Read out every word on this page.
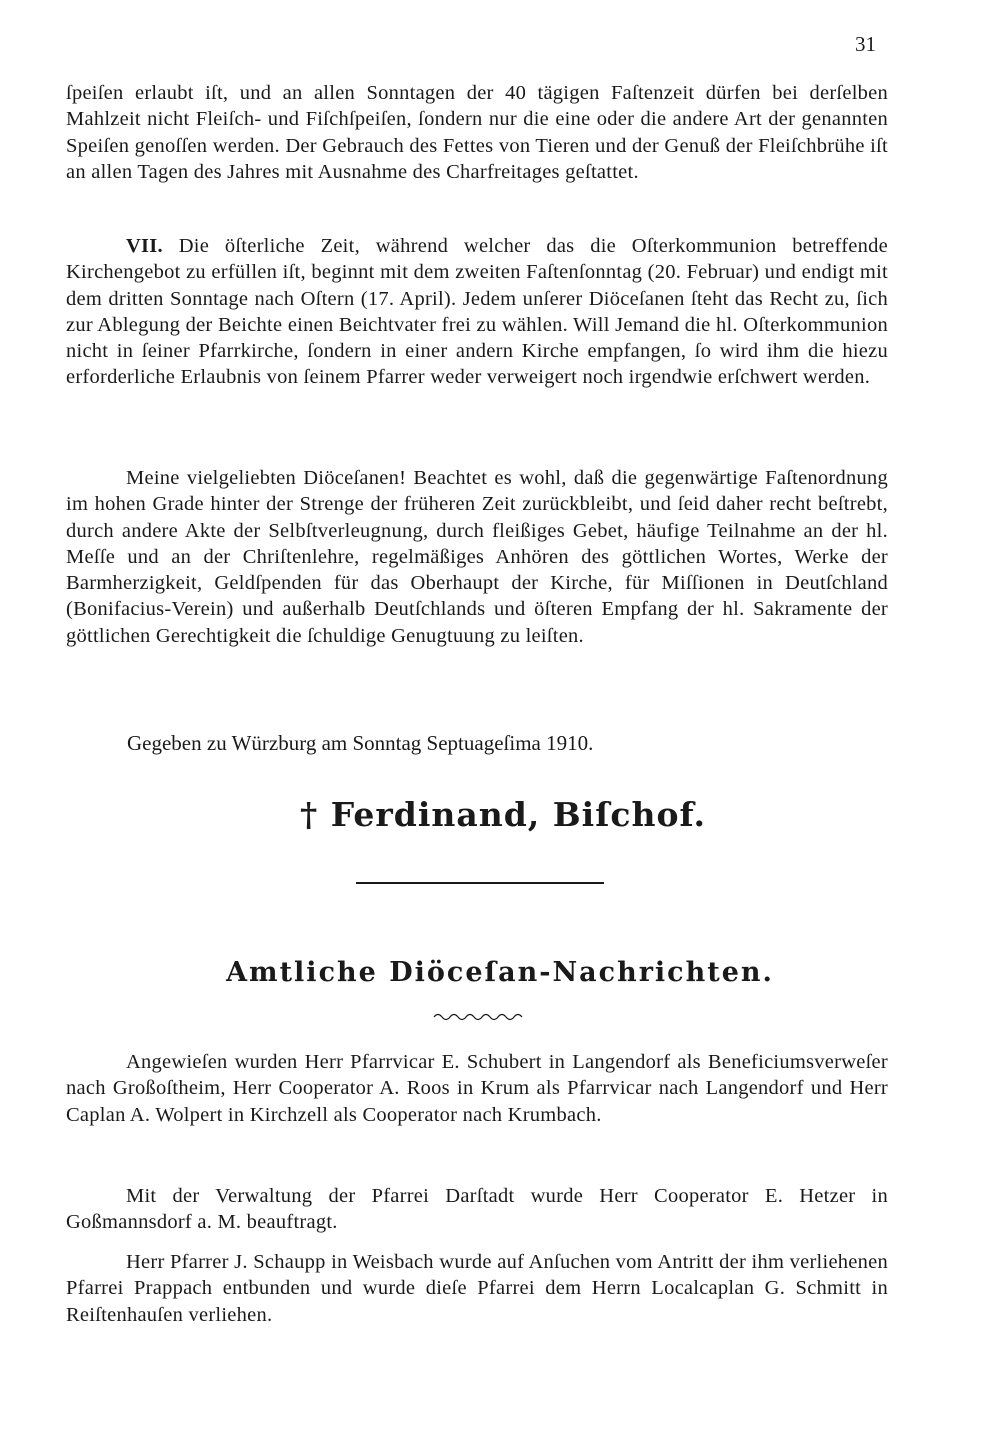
31
ſpeiſen erlaubt iſt, und an allen Sonntagen der 40 tägigen Faſtenzeit dürfen bei derſelben Mahlzeit nicht Fleiſch- und Fiſchſpeiſen, ſondern nur die eine oder die andere Art der genannten Speiſen genoſſen werden. Der Gebrauch des Fettes von Tieren und der Genuß der Fleiſchbrühe iſt an allen Tagen des Jahres mit Ausnahme des Charfreitages geſtattet.
VII. Die öſterliche Zeit, während welcher das die Oſterkommunion betreffende Kirchengebot zu erfüllen iſt, beginnt mit dem zweiten Faſtenſonntag (20. Februar) und endigt mit dem dritten Sonntage nach Oſtern (17. April). Jedem unſerer Diöceſanen ſteht das Recht zu, ſich zur Ablegung der Beichte einen Beichtvater frei zu wählen. Will Jemand die hl. Oſterkommunion nicht in ſeiner Pfarrkirche, ſondern in einer andern Kirche empfangen, ſo wird ihm die hiezu erforderliche Erlaubnis von ſeinem Pfarrer weder verweigert noch irgendwie erſchwert werden.
Meine vielgeliebten Diöceſanen! Beachtet es wohl, daß die gegenwärtige Faſtenordnung im hohen Grade hinter der Strenge der früheren Zeit zurückbleibt, und ſeid daher recht beſtrebt, durch andere Akte der Selbſtverleugnung, durch fleißiges Gebet, häufige Teilnahme an der hl. Meſſe und an der Chriſtenlehre, regelmäßiges Anhören des göttlichen Wortes, Werke der Barmherzigkeit, Geldſpenden für das Oberhaupt der Kirche, für Miſſionen in Deutſchland (Bonifacius-Verein) und außerhalb Deutſchlands und öſteren Empfang der hl. Sakramente der göttlichen Gerechtigkeit die ſchuldige Genugtuung zu leiſten.
Gegeben zu Würzburg am Sonntag Septuageſima 1910.
† Ferdinand, Biſchof.
Amtliche Diöceſan-Nachrichten.
Angewieſen wurden Herr Pfarrvicar E. Schubert in Langendorf als Beneficiumsverweſer nach Großoſtheim, Herr Cooperator A. Roos in Krum als Pfarrvicar nach Langendorf und Herr Caplan A. Wolpert in Kirchzell als Cooperator nach Krumbach.
Mit der Verwaltung der Pfarrei Darſtadt wurde Herr Cooperator E. Hetzer in Goßmannsdorf a. M. beauftragt.
Herr Pfarrer J. Schaupp in Weisbach wurde auf Anſuchen vom Antritt der ihm verliehenen Pfarrei Prappach entbunden und wurde dieſe Pfarrei dem Herrn Localcaplan G. Schmitt in Reiſtenhauſen verliehen.
